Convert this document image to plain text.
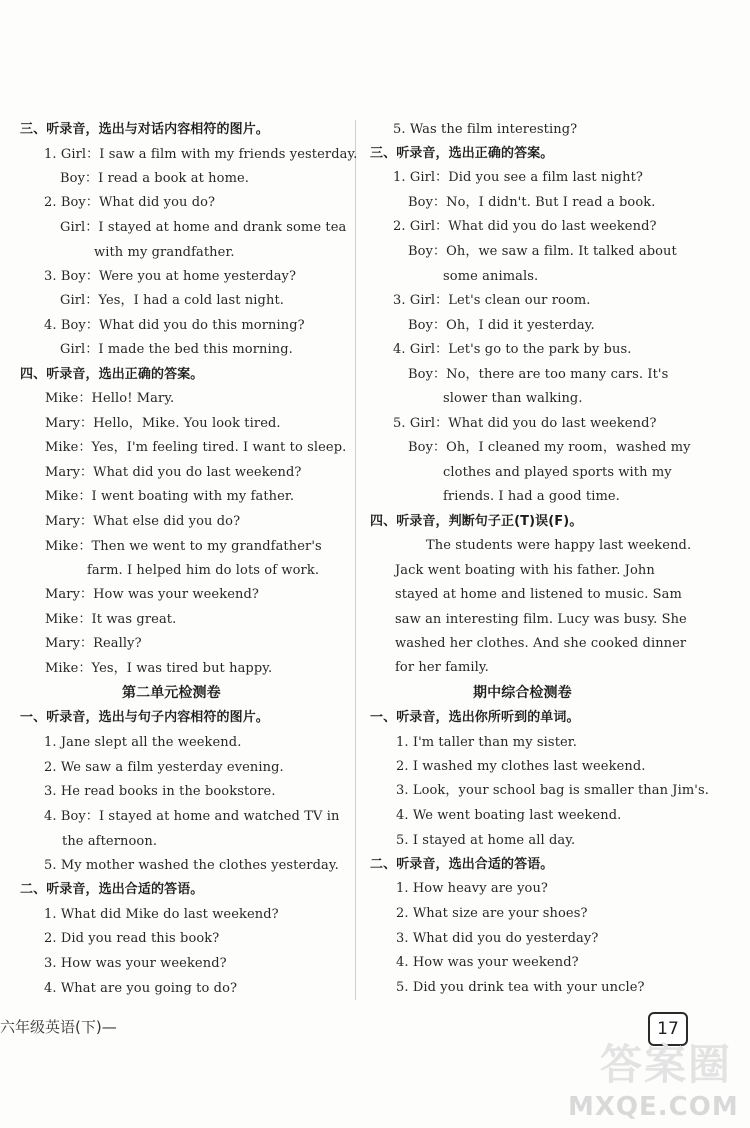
三、听录音，选出与对话内容相符的图片。
1. Girl：I saw a film with my friends yesterday.
Boy：I read a book at home.
2. Boy：What did you do?
Girl：I stayed at home and drank some tea
with my grandfather.
3. Boy：Were you at home yesterday?
Girl：Yes，I had a cold last night.
4. Boy：What did you do this morning?
Girl：I made the bed this morning.
四、听录音，选出正确的答案。
Mike：Hello! Mary.
Mary：Hello，Mike. You look tired.
Mike：Yes，I'm feeling tired. I want to sleep.
Mary：What did you do last weekend?
Mike：I went boating with my father.
Mary：What else did you do?
Mike：Then we went to my grandfather's
farm. I helped him do lots of work.
Mary：How was your weekend?
Mike：It was great.
Mary：Really?
Mike：Yes，I was tired but happy.
第二单元检测卷
一、听录音，选出与句子内容相符的图片。
1. Jane slept all the weekend.
2. We saw a film yesterday evening.
3. He read books in the bookstore.
4. Boy：I stayed at home and watched TV in
the afternoon.
5. My mother washed the clothes yesterday.
二、听录音，选出合适的答语。
1. What did Mike do last weekend?
2. Did you read this book?
3. How was your weekend?
4. What are you going to do?
5. Was the film interesting?
三、听录音，选出正确的答案。
1. Girl：Did you see a film last night?
Boy：No，I didn't. But I read a book.
2. Girl：What did you do last weekend?
Boy：Oh，we saw a film. It talked about
some animals.
3. Girl：Let's clean our room.
Boy：Oh，I did it yesterday.
4. Girl：Let's go to the park by bus.
Boy：No，there are too many cars. It's
slower than walking.
5. Girl：What did you do last weekend?
Boy：Oh，I cleaned my room，washed my
clothes and played sports with my
friends. I had a good time.
四、听录音，判断句子正(T)误(F)。
The students were happy last weekend.
Jack went boating with his father. John
stayed at home and listened to music. Sam
saw an interesting film. Lucy was busy. She
washed her clothes. And she cooked dinner
for her family.
期中综合检测卷
一、听录音，选出你所听到的单词。
1. I'm taller than my sister.
2. I washed my clothes last weekend.
3. Look，your school bag is smaller than Jim's.
4. We went boating last weekend.
5. I stayed at home all day.
二、听录音，选出合适的答语。
1. How heavy are you?
2. What size are your shoes?
3. What did you do yesterday?
4. How was your weekend?
5. Did you drink tea with your uncle?
六年级英语(下)—	17
答案圈
MXQE.COM
